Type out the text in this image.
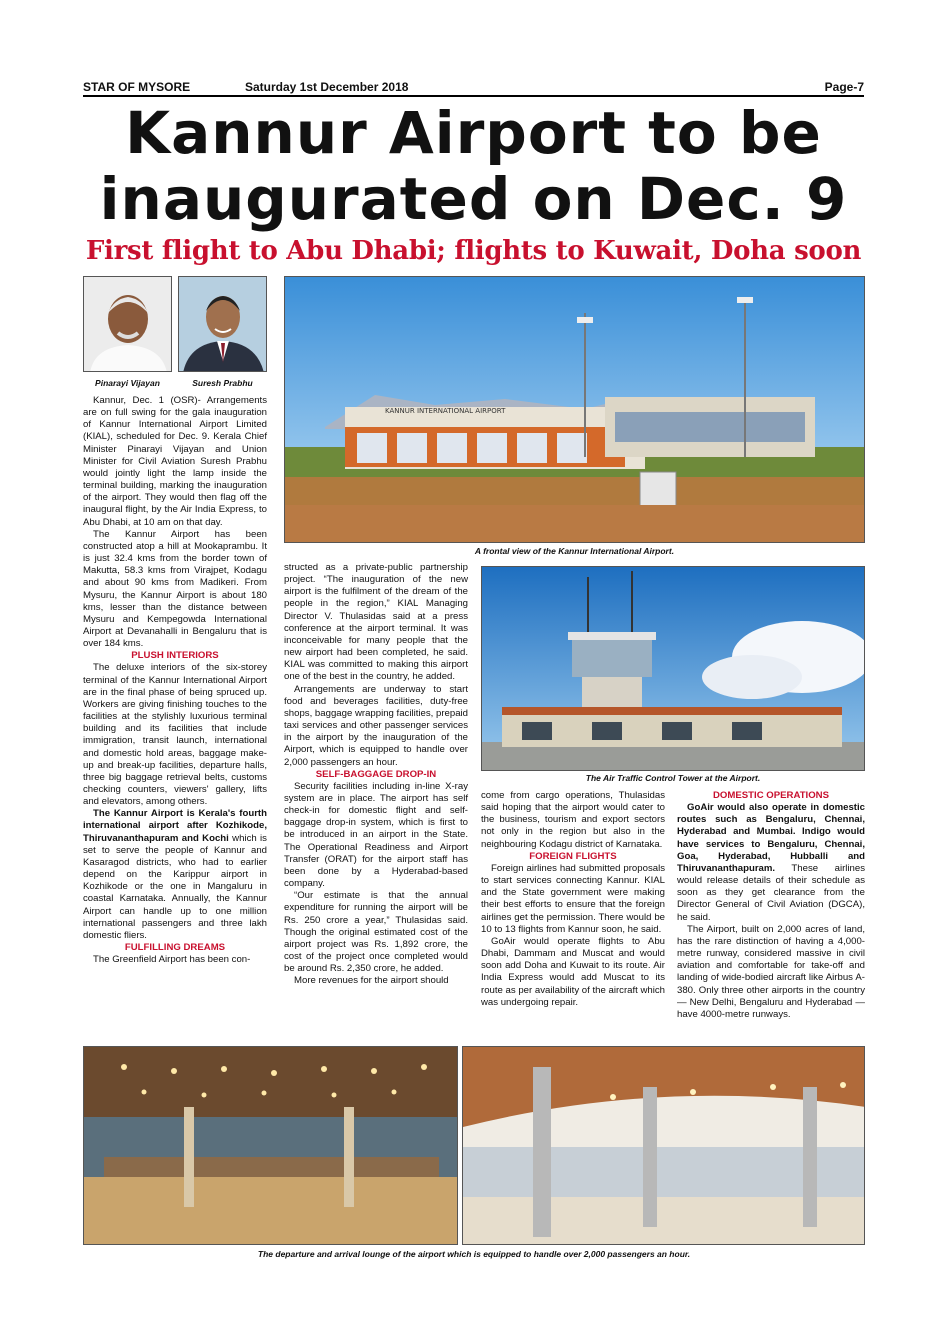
STAR OF MYSORE	Saturday 1st December 2018	Page-7
Kannur Airport to be
inaugurated on Dec. 9
First flight to Abu Dhabi; flights to Kuwait, Doha soon
Pinarayi Vijayan	Suresh Prabhu
KANNUR INTERNATIONAL AIRPORT
A frontal view of the Kannur International Airport.
The Air Traffic Control Tower at the Airport.

Kannur, Dec. 1 (OSR)- Arrangements are on full swing for the gala inauguration of Kannur International Airport Limited (KIAL), scheduled for Dec. 9. Kerala Chief Minister Pinarayi Vijayan and Union Minister for Civil Aviation Suresh Prabhu would jointly light the lamp inside the terminal building, marking the inauguration of the airport. They would then flag off the inaugural flight, by the Air India Express, to Abu Dhabi, at 10 am on that day.

The Kannur Airport has been constructed atop a hill at Mookaprambu. It is just 32.4 kms from the border town of Makutta, 58.3 kms from Virajpet, Kodagu and about 90 kms from Madikeri. From Mysuru, the Kannur Airport is about 180 kms, lesser than the distance between Mysuru and Kempegowda International Airport at Devanahalli in Bengaluru that is over 184 kms.

PLUSH INTERIORS

The deluxe interiors of the six-storey terminal of the Kannur International Airport are in the final phase of being spruced up. Workers are giving finishing touches to the facilities at the stylishly luxurious terminal building and its facilities that include immigration, transit launch, international and domestic hold areas, baggage make-up and break-up facilities, departure halls, three big baggage retrieval belts, customs checking counters, viewers' gallery, lifts and elevators, among others.

The Kannur Airport is Kerala's fourth international airport after Kozhikode, Thiruvananthapuram and Kochi which is set to serve the people of Kannur and Kasaragod districts, who had to earlier depend on the Karippur airport in Kozhikode or the one in Mangaluru in coastal Karnataka. Annually, the Kannur Airport can handle up to one million international passengers and three lakh domestic fliers.

FULFILLING DREAMS

The Greenfield Airport has been con-

structed as a private-public partnership project. “The inauguration of the new airport is the fulfilment of the dream of the people in the region,” KIAL Managing Director V. Thulasidas said at a press conference at the airport terminal. It was inconceivable for many people that the new airport had been completed, he said. KIAL was committed to making this airport one of the best in the country, he added.

Arrangements are underway to start food and beverages facilities, duty-free shops, baggage wrapping facilities, prepaid taxi services and other passenger services in the airport by the inauguration of the Airport, which is equipped to handle over 2,000 passengers an hour.

SELF-BAGGAGE DROP-IN

Security facilities including in-line X-ray system are in place. The airport has self check-in for domestic flight and self-baggage drop-in system, which is first to be introduced in an airport in the State. The Operational Readiness and Airport Transfer (ORAT) for the airport staff has been done by a Hyderabad-based company.

“Our estimate is that the annual expenditure for running the airport will be Rs. 250 crore a year,” Thulasidas said. Though the original estimated cost of the airport project was Rs. 1,892 crore, the cost of the project once completed would be around Rs. 2,350 crore, he added.

More revenues for the airport should

come from cargo operations, Thulasidas said hoping that the airport would cater to the business, tourism and export sectors not only in the region but also in the neighbouring Kodagu district of Karnataka.

FOREIGN FLIGHTS

Foreign airlines had submitted proposals to start services connecting Kannur. KIAL and the State government were making their best efforts to ensure that the foreign airlines get the permission. There would be 10 to 13 flights from Kannur soon, he said.

GoAir would operate flights to Abu Dhabi, Dammam and Muscat and would soon add Doha and Kuwait to its route. Air India Express would add Muscat to its route as per availability of the aircraft which was undergoing repair.

DOMESTIC OPERATIONS

GoAir would also operate in domestic routes such as Bengaluru, Chennai, Hyderabad and Mumbai. Indigo would have services to Bengaluru, Chennai, Goa, Hyderabad, Hubballi and Thiruvananthapuram. These airlines would release details of their schedule as soon as they get clearance from the Director General of Civil Aviation (DGCA), he said.

The Airport, built on 2,000 acres of land, has the rare distinction of having a 4,000-metre runway, considered massive in civil aviation and comfortable for take-off and landing of wide-bodied aircraft like Airbus A-380. Only three other airports in the country — New Delhi, Bengaluru and Hyderabad — have 4000-metre runways.

The departure and arrival lounge of the airport which is equipped to handle over 2,000 passengers an hour.
